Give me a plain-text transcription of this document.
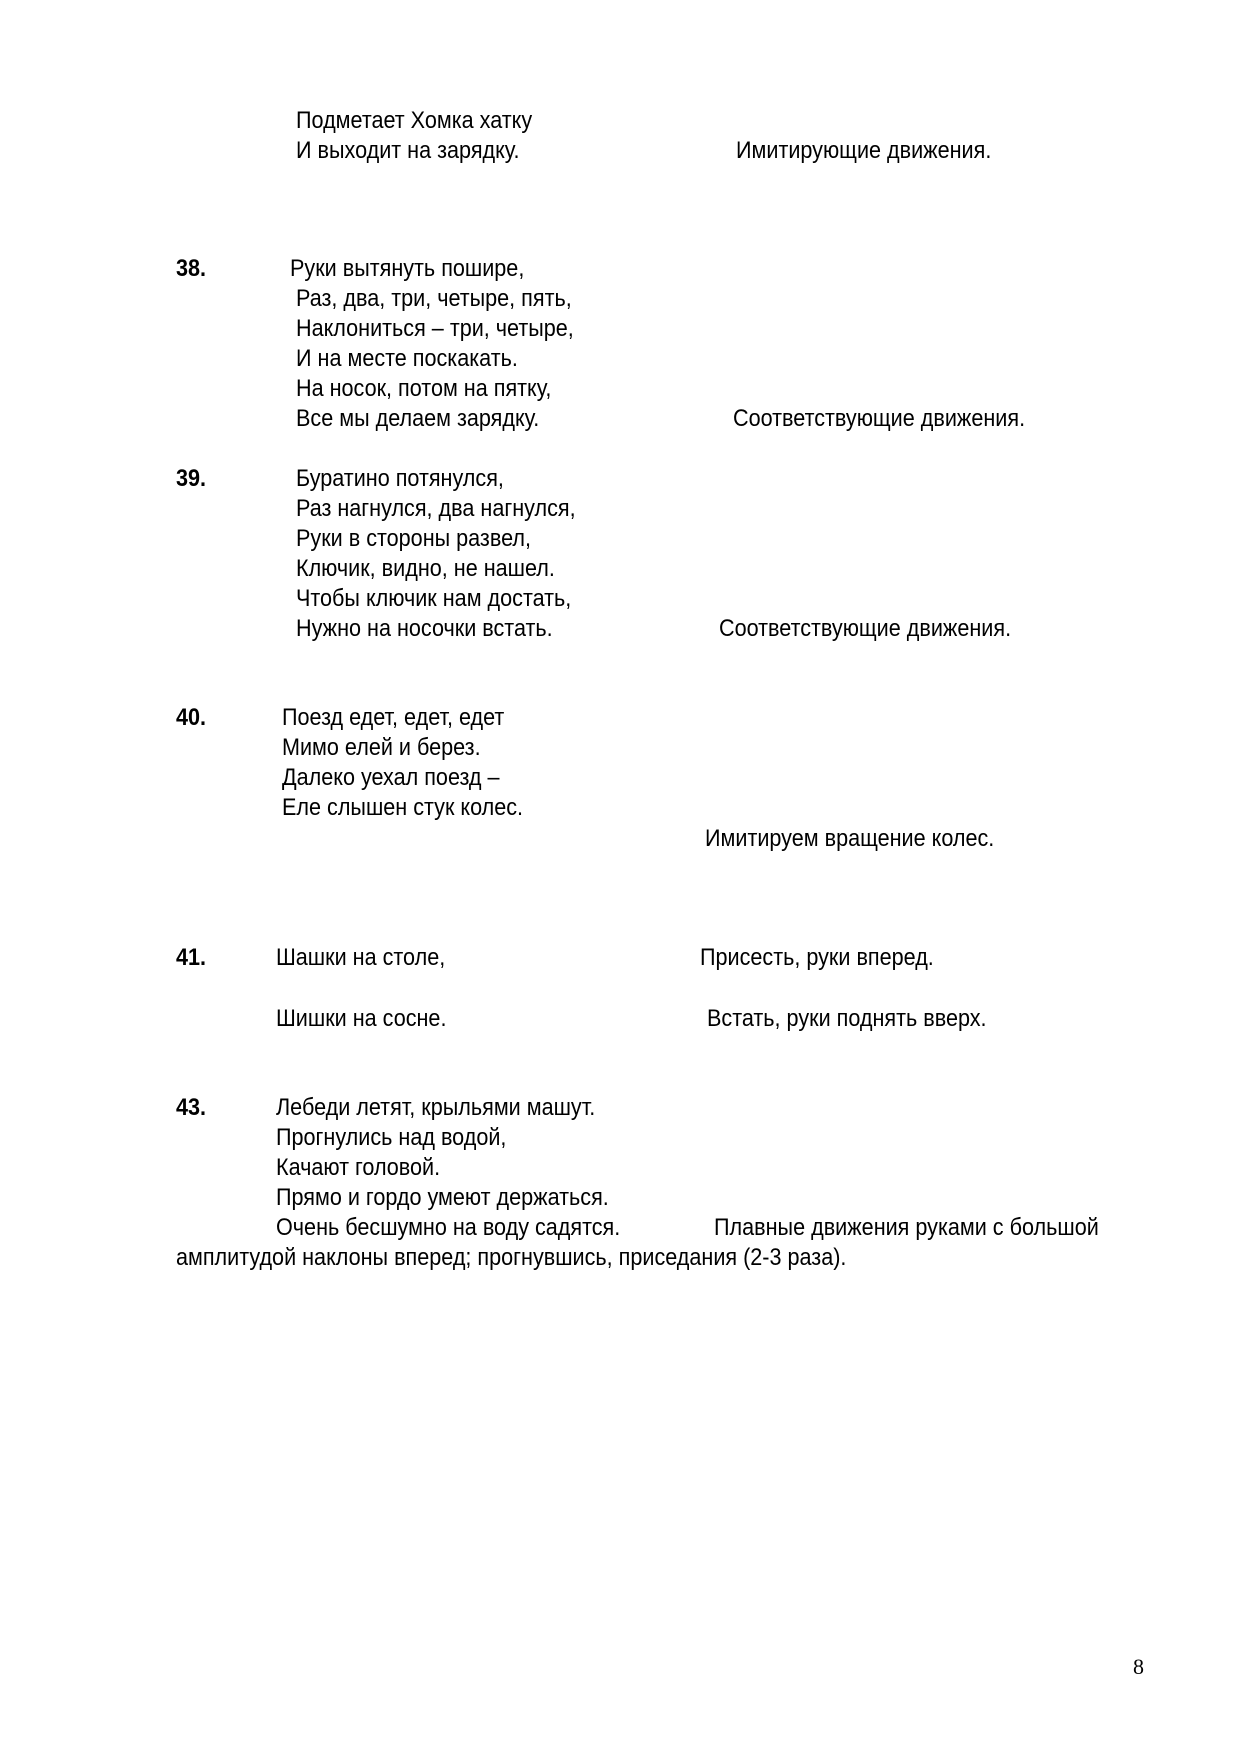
Подметает Хомка хатку
И выходит на зарядку.	Имитирующие движения.
38.	Руки вытянуть пошире,
Раз, два, три, четыре, пять,
Наклониться – три, четыре,
И на месте поскакать.
На носок, потом на пятку,
Все мы делаем зарядку.	Соответствующие движения.
39.	Буратино потянулся,
Раз нагнулся, два нагнулся,
Руки в стороны развел,
Ключик, видно, не нашел.
Чтобы ключик нам достать,
Нужно на носочки встать.	Соответствующие движения.
40.	Поезд едет, едет, едет
Мимо елей и берез.
Далеко уехал поезд –
Еле слышен стук колес.
Имитируем вращение колес.
41.	Шашки на столе,	Присесть, руки вперед.
Шишки на сосне.	Встать, руки поднять вверх.
43.	Лебеди летят, крыльями машут.
Прогнулись над водой,
Качают головой.
Прямо и гордо умеют держаться.
Очень бесшумно на воду садятся.	Плавные движения руками с большой
амплитудой наклоны вперед; прогнувшись, приседания (2-3 раза).
8
